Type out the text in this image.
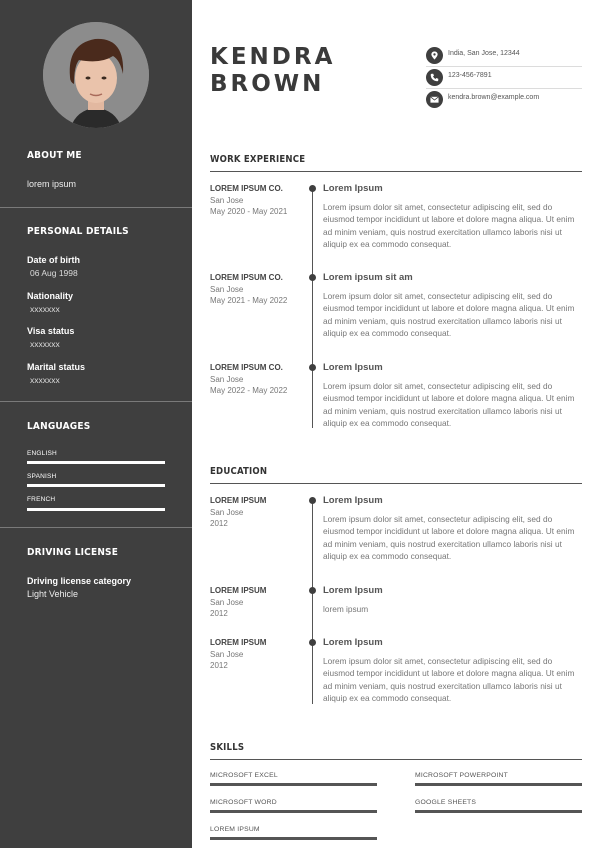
ABOUT ME
lorem ipsum
PERSONAL DETAILS
Date of birth
06 Aug 1998
Nationality
xxxxxxx
Visa status
xxxxxxx
Marital status
xxxxxxx
LANGUAGES
ENGLISH
SPANISH
FRENCH
DRIVING LICENSE
Driving license category
Light Vehicle
KENDRA
BROWN
India, San Jose, 12344
123-456-7891
kendra.brown@example.com
WORK EXPERIENCE
LOREM IPSUM CO.
San Jose
May 2020 - May 2021
Lorem Ipsum
Lorem ipsum dolor sit amet, consectetur adipiscing elit, sed do eiusmod tempor incididunt ut labore et dolore magna aliqua. Ut enim ad minim veniam, quis nostrud exercitation ullamco laboris nisi ut aliquip ex ea commodo consequat.
LOREM IPSUM CO.
San Jose
May 2021 - May 2022
Lorem ipsum sit am
Lorem ipsum dolor sit amet, consectetur adipiscing elit, sed do eiusmod tempor incididunt ut labore et dolore magna aliqua. Ut enim ad minim veniam, quis nostrud exercitation ullamco laboris nisi ut aliquip ex ea commodo consequat.
LOREM IPSUM CO.
San Jose
May 2022 - May 2022
Lorem Ipsum
Lorem ipsum dolor sit amet, consectetur adipiscing elit, sed do eiusmod tempor incididunt ut labore et dolore magna aliqua. Ut enim ad minim veniam, quis nostrud exercitation ullamco laboris nisi ut aliquip ex ea commodo consequat.
EDUCATION
LOREM IPSUM
San Jose
2012
Lorem Ipsum
Lorem ipsum dolor sit amet, consectetur adipiscing elit, sed do eiusmod tempor incididunt ut labore et dolore magna aliqua. Ut enim ad minim veniam, quis nostrud exercitation ullamco laboris nisi ut aliquip ex ea commodo consequat.
LOREM IPSUM
San Jose
2012
Lorem Ipsum
lorem ipsum
LOREM IPSUM
San Jose
2012
Lorem Ipsum
Lorem ipsum dolor sit amet, consectetur adipiscing elit, sed do eiusmod tempor incididunt ut labore et dolore magna aliqua. Ut enim ad minim veniam, quis nostrud exercitation ullamco laboris nisi ut aliquip ex ea commodo consequat.
SKILLS
MICROSOFT EXCEL	MICROSOFT POWERPOINT
MICROSOFT WORD	GOOGLE SHEETS
LOREM IPSUM
